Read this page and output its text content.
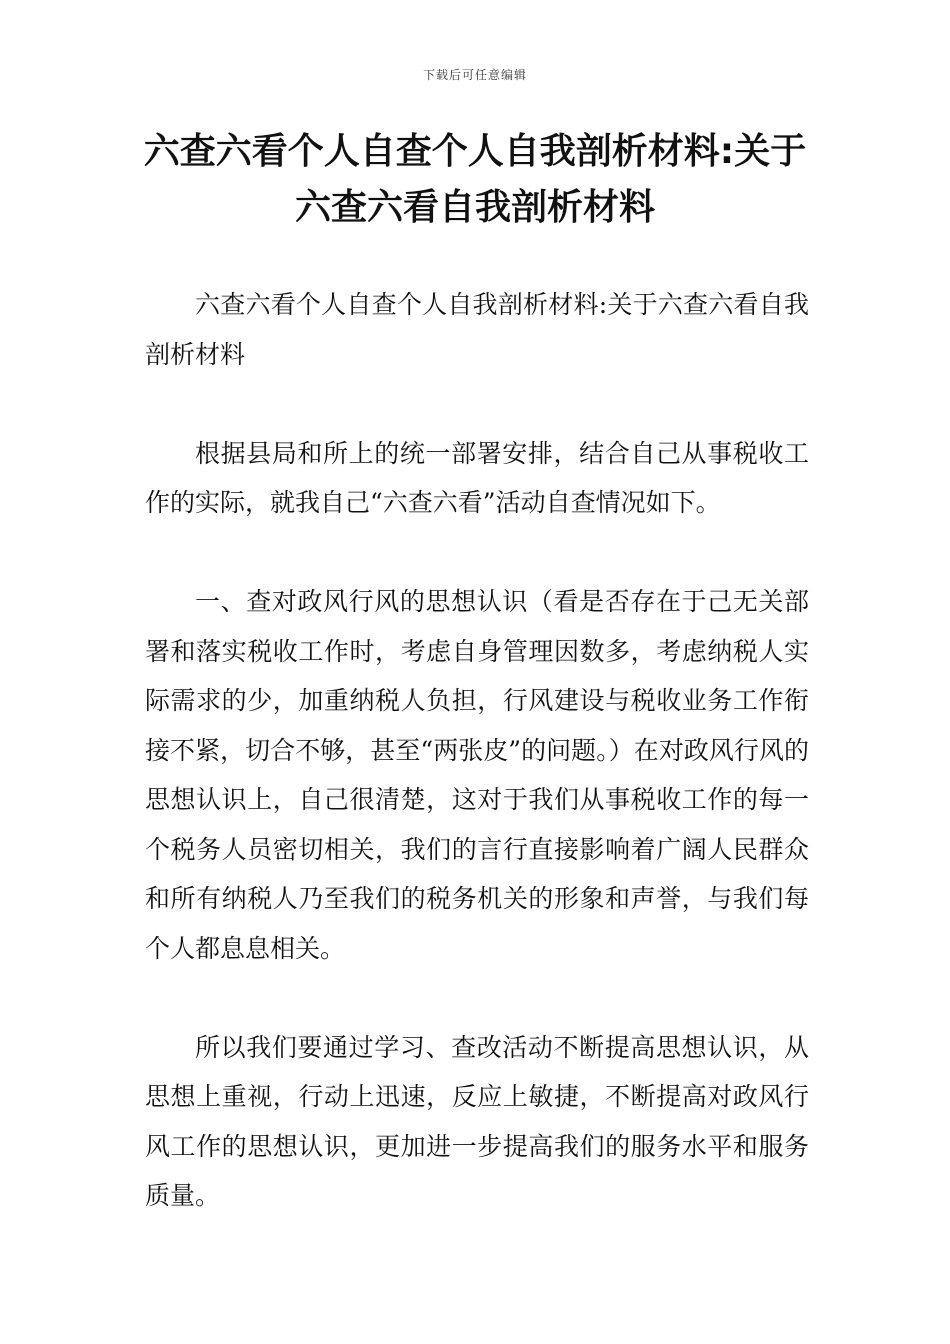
下载后可任意编辑
六查六看个人自查个人自我剖析材料:关于六查六看自我剖析材料

六查六看个人自查个人自我剖析材料:关于六查六看自我剖析材料

根据县局和所上的统一部署安排，结合自己从事税收工作的实际，就我自己“六查六看”活动自查情况如下。

一、查对政风行风的思想认识（看是否存在于己无关部署和落实税收工作时，考虑自身管理因数多，考虑纳税人实际需求的少，加重纳税人负担，行风建设与税收业务工作衔接不紧，切合不够，甚至“两张皮”的问题。）在对政风行风的思想认识上，自己很清楚，这对于我们从事税收工作的每一个税务人员密切相关，我们的言行直接影响着广阔人民群众和所有纳税人乃至我们的税务机关的形象和声誉，与我们每个人都息息相关。

所以我们要通过学习、查改活动不断提高思想认识，从思想上重视，行动上迅速，反应上敏捷，不断提高对政风行风工作的思想认识，更加进一步提高我们的服务水平和服务质量。
